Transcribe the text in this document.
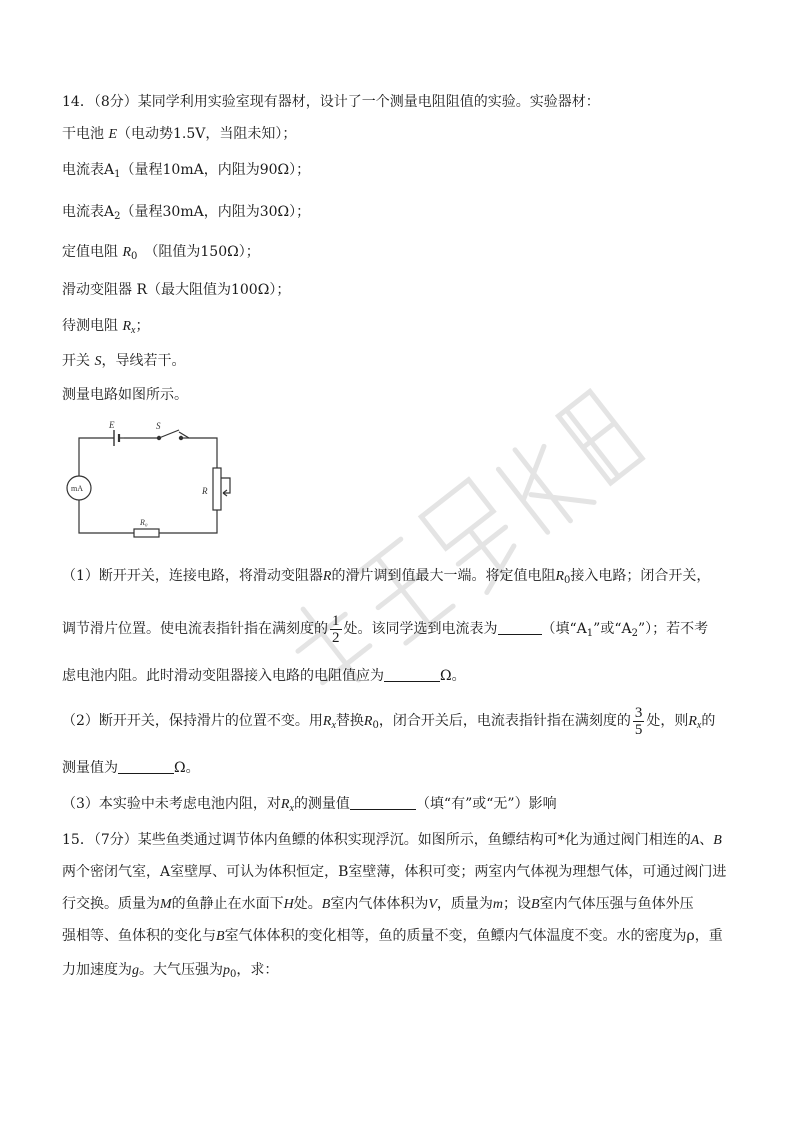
14．（8分）某同学利用实验室现有器材，设计了一个测量电阻阻值的实验。实验器材：
干电池 E（电动势1.5V，当阻未知）；
电流表$A_1$（量程10mA，内阻为90Ω）；
电流表$A_2$（量程30mA，内阻为30Ω）；
定值电阻 $R_0$　（阻值为150Ω）；
滑动变阻器 R（最大阻值为100Ω）；
待测电阻 $R_x$；
开关 S，导线若干。
测量电路如图所示。
E	S
mA	R
R₀
（1）断开开关，连接电路，将滑动变阻器R的滑片调到值最大一端。将定值电阻$R_0$接入电路；闭合开关，
调节滑片位置。使电流表指针指在满刻度的 $\frac{1}{2}$ 处。该同学选到电流表为	（填“$A_1$”或“$A_2$”）；若不考
虑电池内阻。此时滑动变阻器接入电路的电阻值应为	Ω。
（2）断开开关，保持滑片的位置不变。用$R_x$替换$R_0$，闭合开关后，电流表指针指在满刻度的 $\frac{3}{5}$ 处，则$R_x$的
测量值为	Ω。
（3）本实验中未考虑电池内阻，对$R_x$的测量值	（填“有”或“无”）影响
15．（7分）某些鱼类通过调节体内鱼鳔的体积实现浮沉。如图所示，鱼鳔结构可*化为通过阀门相连的A、B
两个密闭气室，A室壁厚、可认为体积恒定，B室壁薄，体积可变；两室内气体视为理想气体，可通过阀门进
行交换。质量为M的鱼静止在水面下H处。B室内气体体积为V，质量为m；设B室内气体压强与鱼体外压
强相等、鱼体积的变化与B室气体体积的变化相等，鱼的质量不变，鱼鳔内气体温度不变。水的密度为ρ，重
力加速度为g。大气压强为$p_0$，求：
